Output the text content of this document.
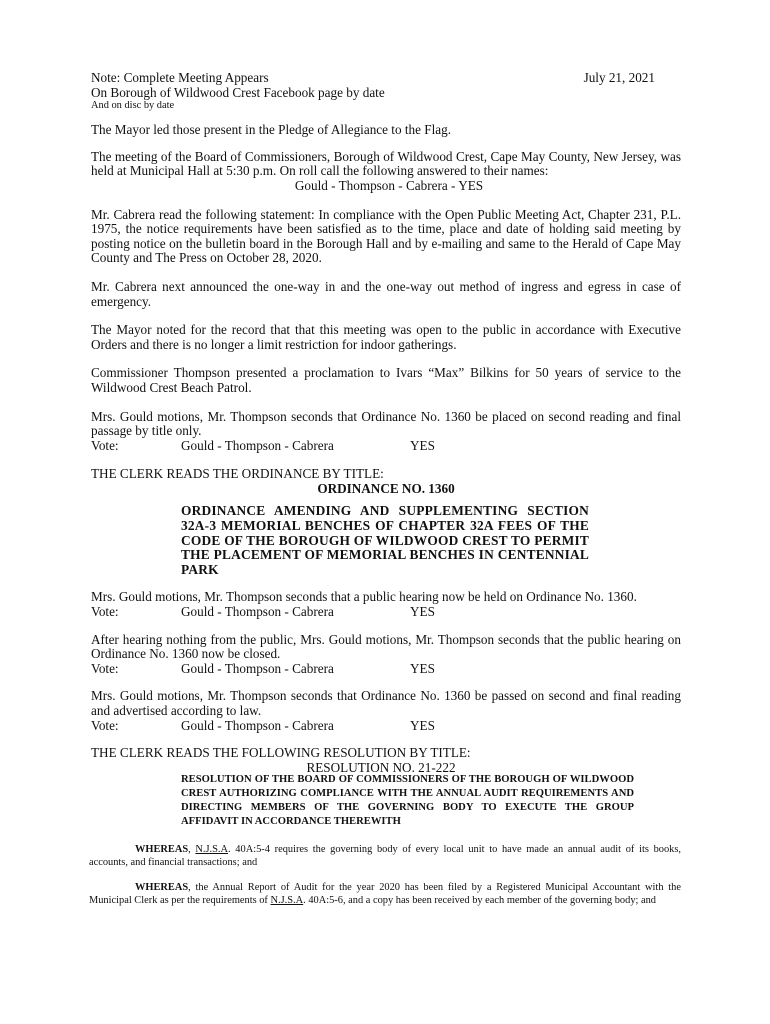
Note: Complete Meeting Appears	July 21, 2021

On Borough of Wildwood Crest Facebook page by date

And on disc by date

The Mayor led those present in the Pledge of Allegiance to the Flag.

The meeting of the Board of Commissioners, Borough of Wildwood Crest, Cape May County, New Jersey, was held at Municipal Hall at 5:30 p.m. On roll call the following answered to their names:

Gould - Thompson - Cabrera - YES

Mr. Cabrera read the following statement: In compliance with the Open Public Meeting Act, Chapter 231, P.L. 1975, the notice requirements have been satisfied as to the time, place and date of holding said meeting by posting notice on the bulletin board in the Borough Hall and by e-mailing and same to the Herald of Cape May County and The Press on October 28, 2020.

Mr. Cabrera next announced the one-way in and the one-way out method of ingress and egress in case of emergency.

The Mayor noted for the record that that this meeting was open to the public in accordance with Executive Orders and there is no longer a limit restriction for indoor gatherings.

Commissioner Thompson presented a proclamation to Ivars “Max” Bilkins for 50 years of service to the Wildwood Crest Beach Patrol.

Mrs. Gould motions, Mr. Thompson seconds that Ordinance No. 1360 be placed on second reading and final passage by title only.

Vote:	Gould - Thompson - Cabrera	YES

THE CLERK READS THE ORDINANCE BY TITLE:

ORDINANCE NO. 1360

ORDINANCE AMENDING AND SUPPLEMENTING SECTION 32A-3 MEMORIAL BENCHES OF CHAPTER 32A FEES OF THE CODE OF THE BOROUGH OF WILDWOOD CREST TO PERMIT THE PLACEMENT OF MEMORIAL BENCHES IN CENTENNIAL PARK

Mrs. Gould motions, Mr. Thompson seconds that a public hearing now be held on Ordinance No. 1360.

Vote:	Gould - Thompson - Cabrera	YES

After hearing nothing from the public, Mrs. Gould motions, Mr. Thompson seconds that the public hearing on Ordinance No. 1360 now be closed.

Vote:	Gould - Thompson - Cabrera	YES

Mrs. Gould motions, Mr. Thompson seconds that Ordinance No. 1360 be passed on second and final reading and advertised according to law.

Vote:	Gould - Thompson - Cabrera	YES

THE CLERK READS THE FOLLOWING RESOLUTION BY TITLE:

RESOLUTION NO. 21-222

RESOLUTION OF THE BOARD OF COMMISSIONERS OF THE BOROUGH OF WILDWOOD CREST AUTHORIZING COMPLIANCE WITH THE ANNUAL AUDIT REQUIREMENTS AND DIRECTING MEMBERS OF THE GOVERNING BODY TO EXECUTE THE GROUP AFFIDAVIT IN ACCORDANCE THEREWITH

WHEREAS, N.J.S.A. 40A:5-4 requires the governing body of every local unit to have made an annual audit of its books, accounts, and financial transactions; and

WHEREAS, the Annual Report of Audit for the year 2020 has been filed by a Registered Municipal Accountant with the Municipal Clerk as per the requirements of N.J.S.A. 40A:5-6, and a copy has been received by each member of the governing body; and
